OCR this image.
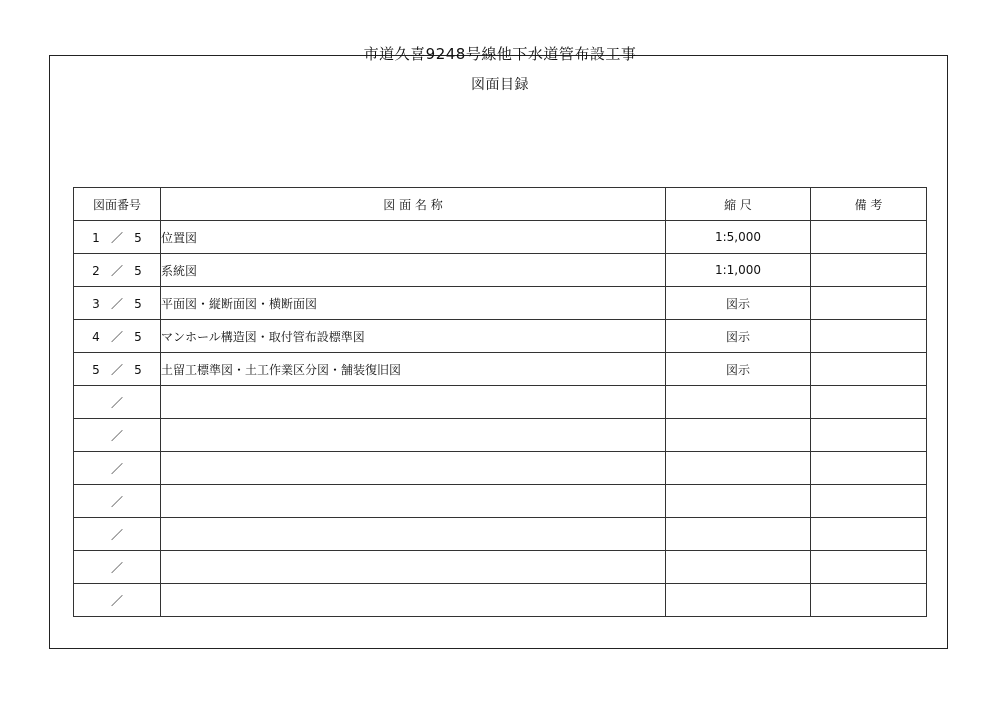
市道久喜9248号線他下水道管布設工事
図面目録
図面番号	図 面 名 称	縮 尺	備 考
1 ／ 5	位置図	1:5,000	
2 ／ 5	系統図	1:1,000	
3 ／ 5	平面図・縦断面図・横断面図	図示	
4 ／ 5	マンホール構造図・取付管布設標準図	図示	
5 ／ 5	土留工標準図・土工作業区分図・舗装復旧図	図示	
／			
／			
／			
／			
／			
／			
／			
